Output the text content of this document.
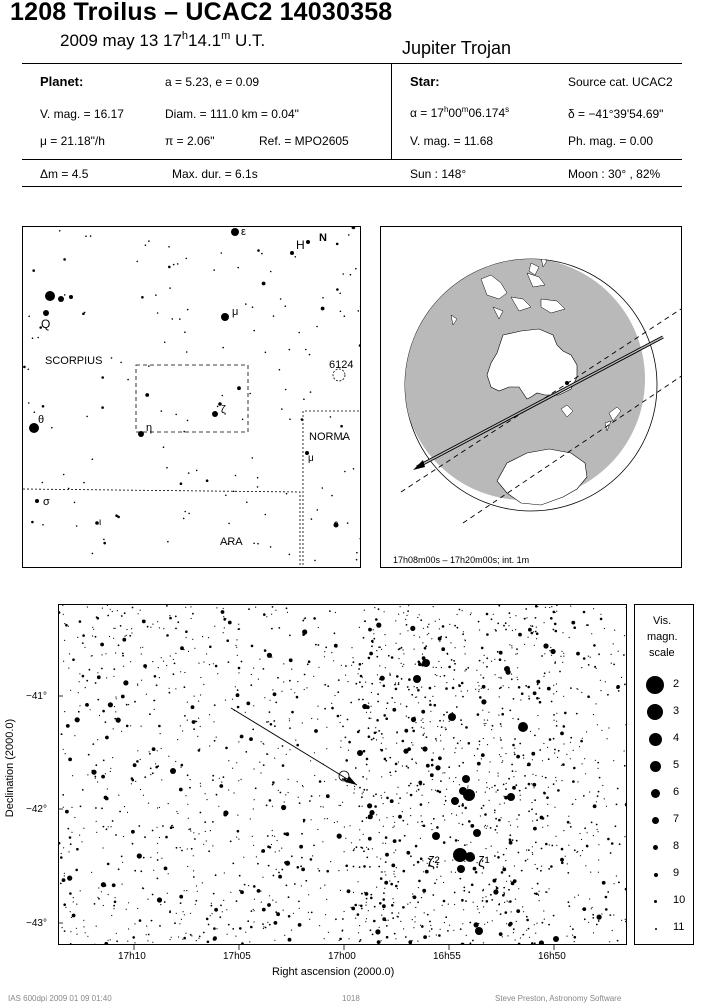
1208 Troilus – UCAC2 14030358
2009 may 13 17$^h$14.1$^m$ U.T.	Jupiter Trojan
Planet:	a = 5.23, e = 0.09
V. mag. = 16.17	Diam. = 111.0 km = 0.04"
μ = 21.18"/h	π = 2.06"	Ref. = MPO2605
Star:	Source cat. UCAC2
$\alpha = 17^h00^m06.174^s$	δ = −41°39'54.69"
V. mag. = 11.68	Ph. mag. = 0.00
Δm = 4.5	Max. dur. = 6.1s	Sun : 148°	Moon : 30° , 82%
ε
Q
H N
μ
SCORPIUS	6124
NORMA
θ
η
ζ
μ
σ
ι	ε
ARA
17h08m00s – 17h20m00s; int. 1m
ζ²	ζ¹
−41°
−42°
−43°
17h10	17h05	17h00	16h55	16h50
Right ascension (2000.0)
Declination (2000.0)
Vis.
magn.
scale
2
3
4
5
6
7
8
9
10
11
IAS 600dpi 2009 01 09 01:40	1018	Steve Preston, Astronomy Software
